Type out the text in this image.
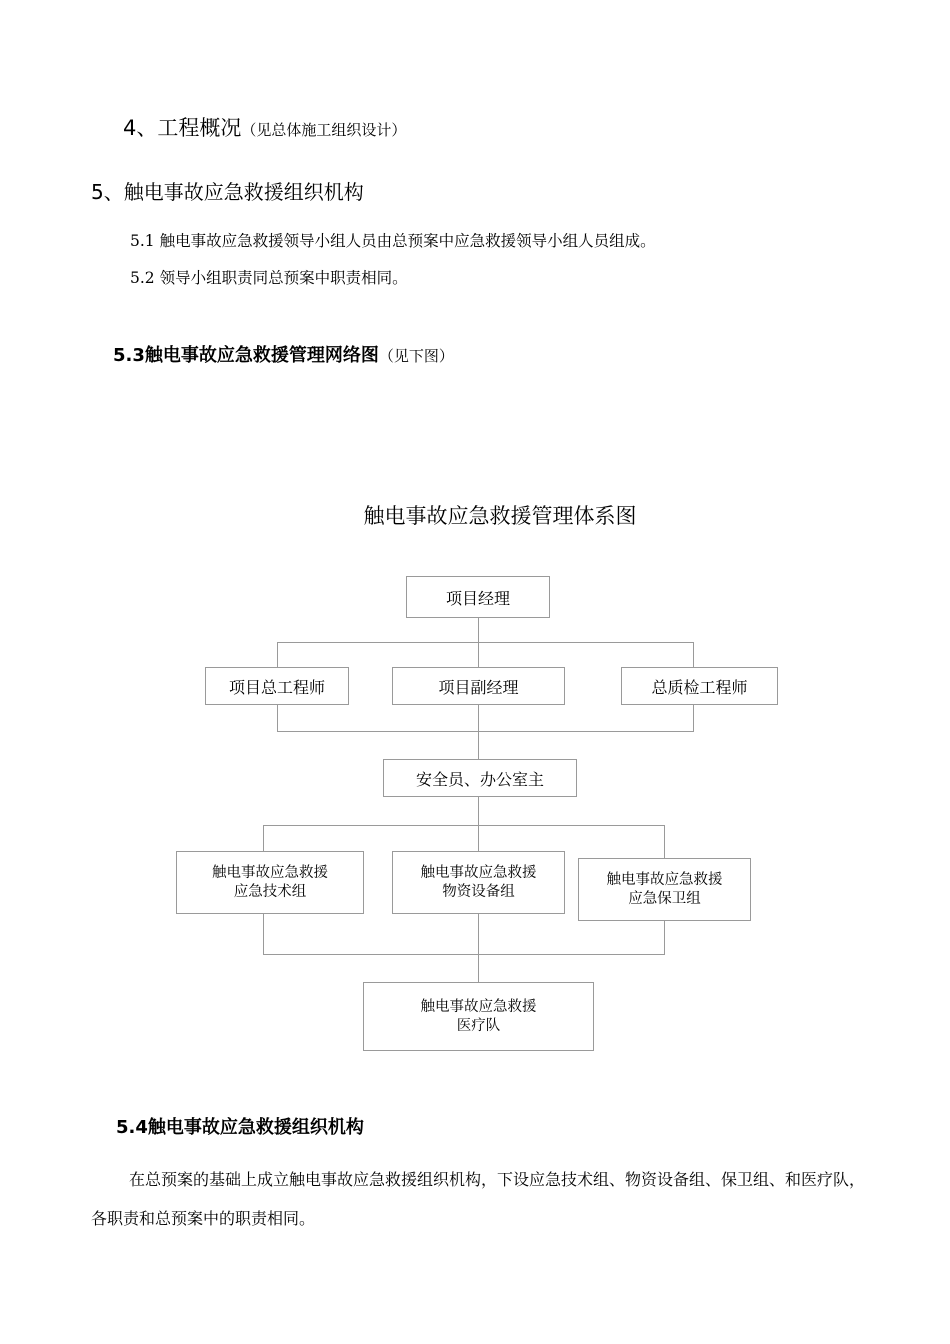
4、工程概况（见总体施工组织设计）
5、触电事故应急救援组织机构
5.1 触电事故应急救援领导小组人员由总预案中应急救援领导小组人员组成。
5.2 领导小组职责同总预案中职责相同。
5.3触电事故应急救援管理网络图（见下图）
触电事故应急救援管理体系图
项目经理
项目总工程师	项目副经理	总质检工程师
安全员、办公室主
触电事故应急救援
应急技术组
触电事故应急救援
物资设备组
触电事故应急救援
应急保卫组
触电事故应急救援
医疗队
5.4触电事故应急救援组织机构
在总预案的基础上成立触电事故应急救援组织机构，下设应急技术组、物资设备组、保卫组、和医疗队，各职责和总预案中的职责相同。
